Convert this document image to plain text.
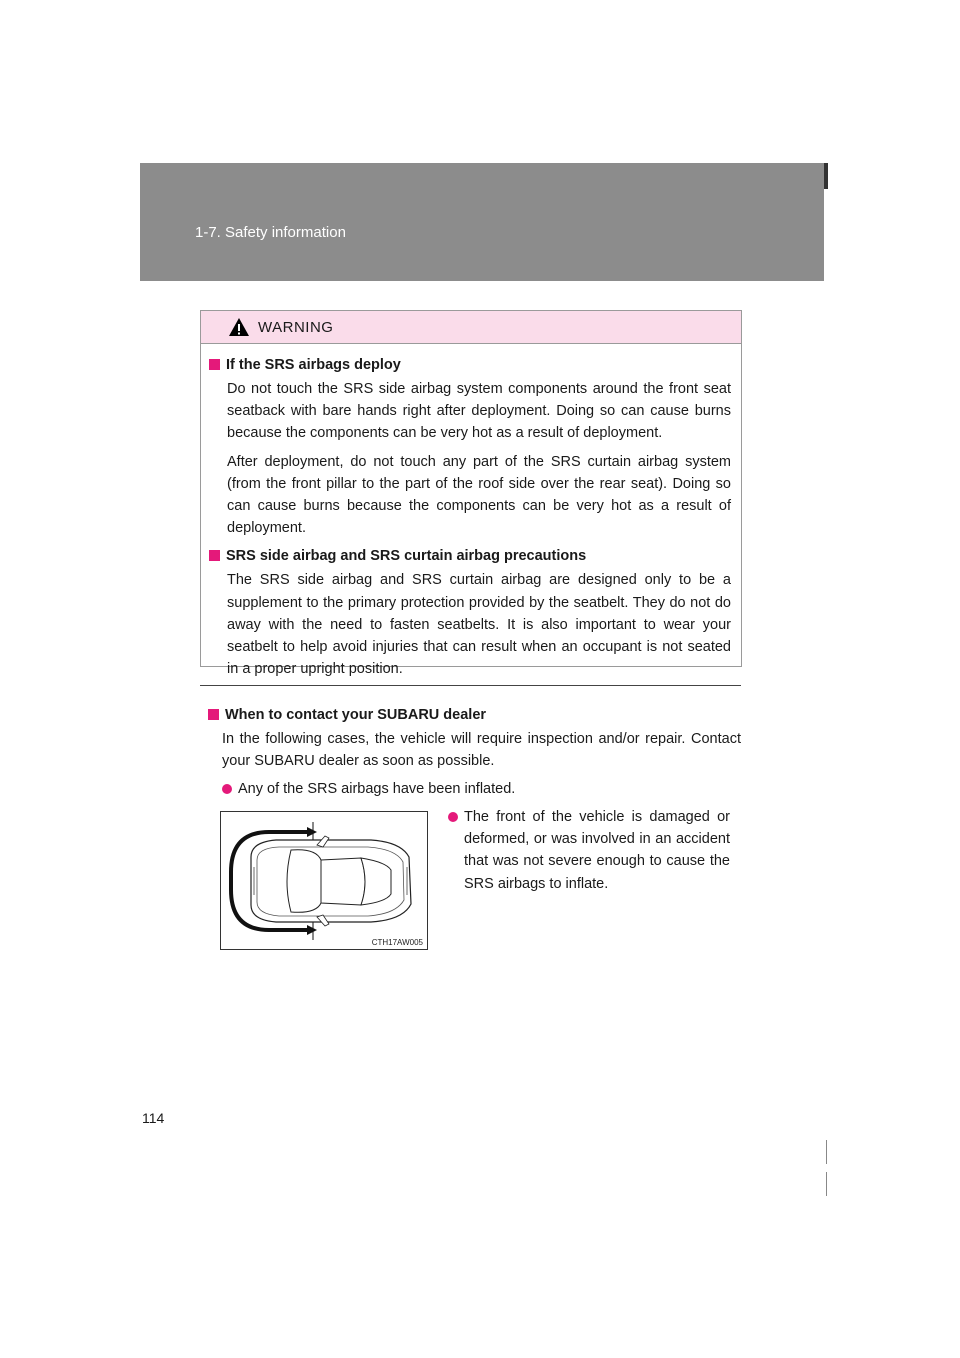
1-7. Safety information
WARNING
If the SRS airbags deploy

Do not touch the SRS side airbag system components around the front seat seatback with bare hands right after deployment. Doing so can cause burns because the components can be very hot as a result of deployment.

After deployment, do not touch any part of the SRS curtain airbag system (from the front pillar to the part of the roof side over the rear seat). Doing so can cause burns because the components can be very hot as a result of deployment.

SRS side airbag and SRS curtain airbag precautions

The SRS side airbag and SRS curtain airbag are designed only to be a supplement to the primary protection provided by the seatbelt. They do not do away with the need to fasten seatbelts. It is also important to wear your seatbelt to help avoid injuries that can result when an occupant is not seated in a proper upright position.

When to contact your SUBARU dealer

In the following cases, the vehicle will require inspection and/or repair. Contact your SUBARU dealer as soon as possible.

Any of the SRS airbags have been inflated.
CTH17AW005
The front of the vehicle is damaged or deformed, or was involved in an accident that was not severe enough to cause the SRS airbags to inflate.
114
